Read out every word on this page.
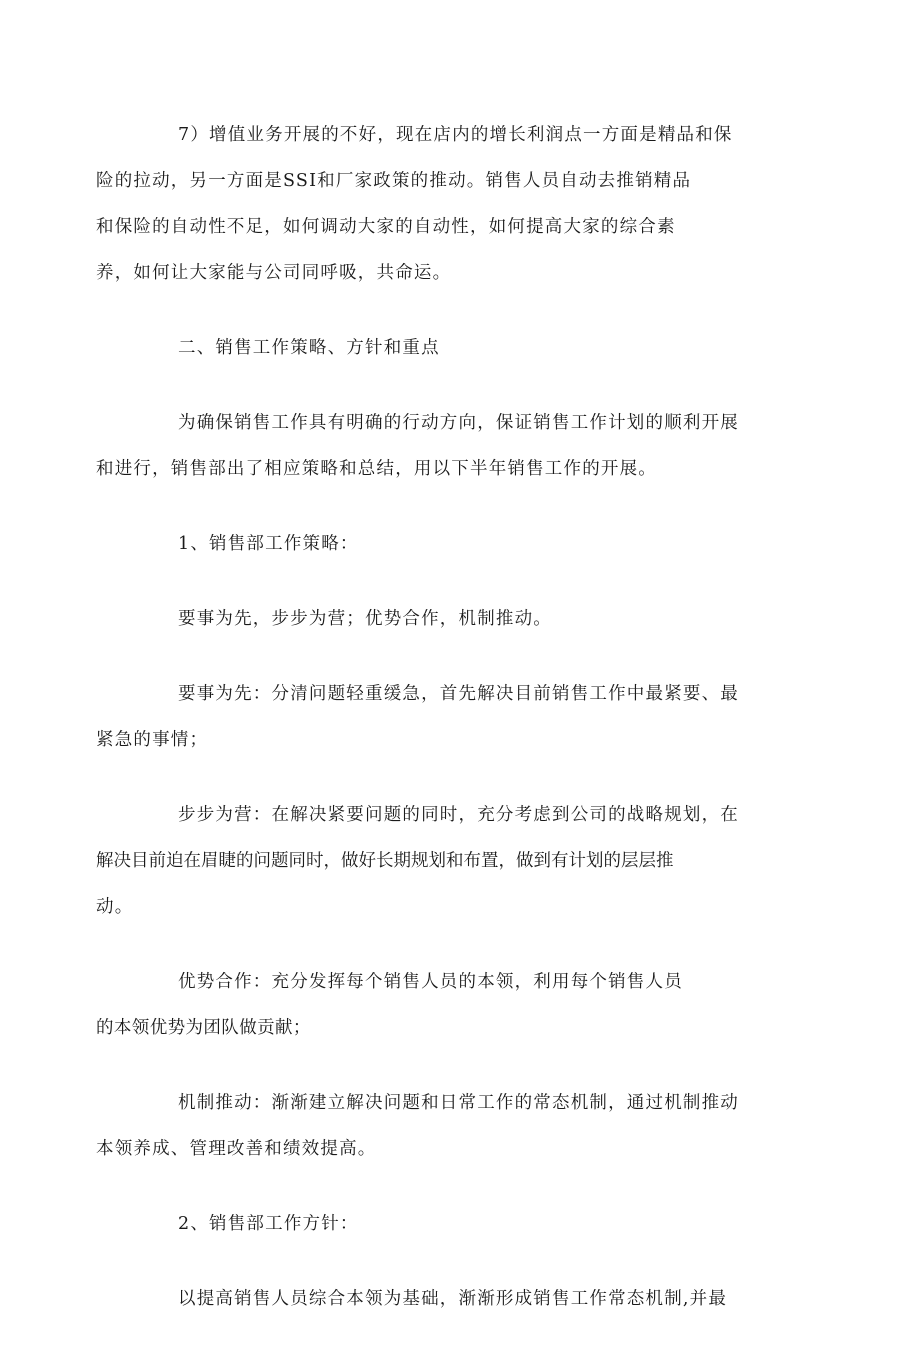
7）增值业务开展的不好，现在店内的增长利润点一方面是精品和保
险的拉动，另一方面是SSI和厂家政策的推动。销售人员自动去推销精品
和保险的自动性不足，如何调动大家的自动性，如何提高大家的综合素
养，如何让大家能与公司同呼吸，共命运。

二、销售工作策略、方针和重点

为确保销售工作具有明确的行动方向，保证销售工作计划的顺利开展
和进行，销售部出了相应策略和总结，用以下半年销售工作的开展。

1、销售部工作策略：

要事为先，步步为营；优势合作，机制推动。

要事为先：分清问题轻重缓急，首先解决目前销售工作中最紧要、最
紧急的事情；

步步为营：在解决紧要问题的同时，充分考虑到公司的战略规划，在
解决目前迫在眉睫的问题同时，做好长期规划和布置，做到有计划的层层推
动。

优势合作：充分发挥每个销售人员的本领，利用每个销售人员
的本领优势为团队做贡献；

机制推动：渐渐建立解决问题和日常工作的常态机制，通过机制推动
本领养成、管理改善和绩效提高。

2、销售部工作方针：

以提高销售人员综合本领为基础，渐渐形成销售工作常态机制,并最
